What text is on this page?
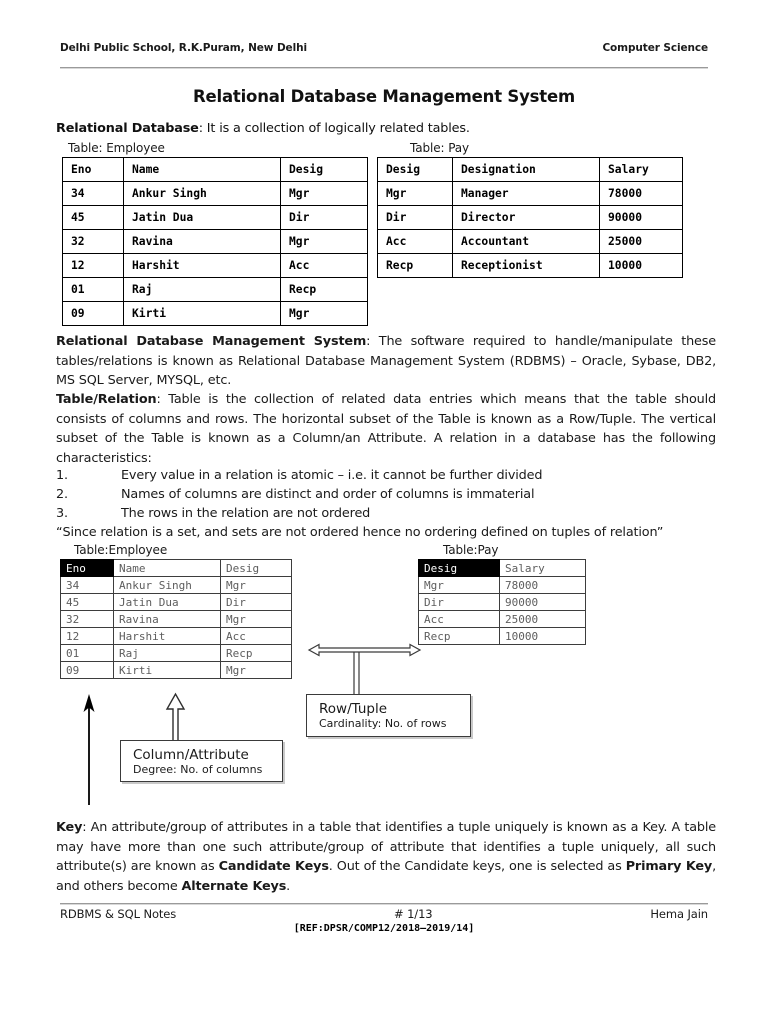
Delhi Public School, R.K.Puram, New Delhi	Computer Science
Relational Database Management System
Relational Database: It is a collection of logically related tables.
Table: Employee
Eno	Name	Desig
34	Ankur Singh	Mgr
45	Jatin Dua	Dir
32	Ravina	Mgr
12	Harshit	Acc
01	Raj	Recp
09	Kirti	Mgr
Table: Pay
Desig	Designation	Salary
Mgr	Manager	78000
Dir	Director	90000
Acc	Accountant	25000
Recp	Receptionist	10000
Relational Database Management System: The software required to handle/manipulate these tables/relations is known as Relational Database Management System (RDBMS) – Oracle, Sybase, DB2, MS SQL Server, MYSQL, etc.
Table/Relation: Table is the collection of related data entries which means that the table should consists of columns and rows. The horizontal subset of the Table is known as a Row/Tuple. The vertical subset of the Table is known as a Column/an Attribute. A relation in a database has the following characteristics:
1.	Every value in a relation is atomic – i.e. it cannot be further divided
2.	Names of columns are distinct and order of columns is immaterial
3.	The rows in the relation are not ordered
“Since relation is a set, and sets are not ordered hence no ordering defined on tuples of relation”
Table:Employee
Eno	Name	Desig
34	Ankur Singh	Mgr
45	Jatin Dua	Dir
32	Ravina	Mgr
12	Harshit	Acc
01	Raj	Recp
09	Kirti	Mgr
Table:Pay
Desig	Salary
Mgr	78000
Dir	90000
Acc	25000
Recp	10000
Column/Attribute
Degree: No. of columns
Row/Tuple
Cardinality: No. of rows
Key: An attribute/group of attributes in a table that identifies a tuple uniquely is known as a Key. A table may have more than one such attribute/group of attribute that identifies a tuple uniquely, all such attribute(s) are known as Candidate Keys. Out of the Candidate keys, one is selected as Primary Key, and others become Alternate Keys.
RDBMS & SQL Notes	# 1/13	Hema Jain
[REF:DPSR/COMP12/2018–2019/14]
